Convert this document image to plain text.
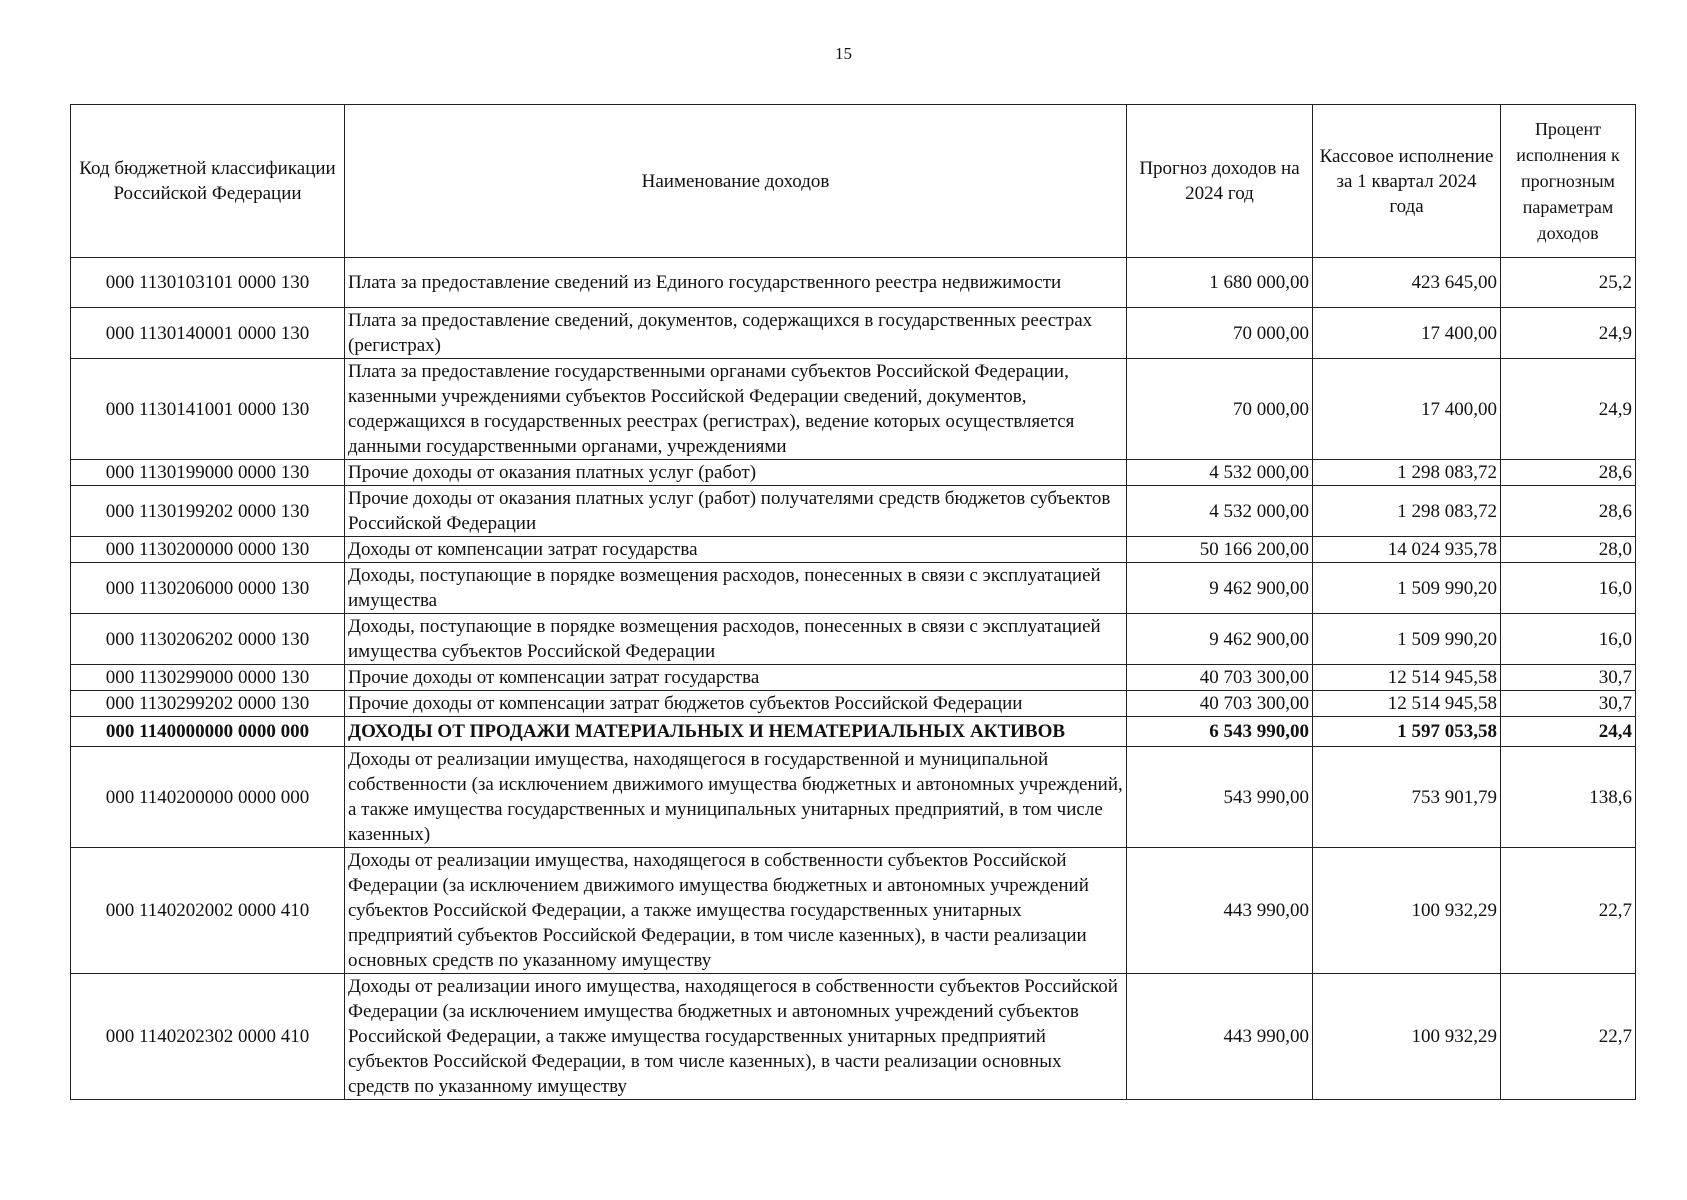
15
Код бюджетной классификации Российской Федерации	Наименование доходов	Прогноз доходов на 2024 год	Кассовое исполнение за 1 квартал 2024 года	Процент исполнения к прогнозным параметрам доходов
000 1130103101 0000 130	Плата за предоставление сведений из Единого государственного реестра недвижимости	1 680 000,00	423 645,00	25,2
000 1130140001 0000 130	Плата за предоставление сведений, документов, содержащихся в государственных реестрах (регистрах)	70 000,00	17 400,00	24,9
000 1130141001 0000 130	Плата за предоставление государственными органами субъектов Российской Федерации, казенными учреждениями субъектов Российской Федерации сведений, документов, содержащихся в государственных реестрах (регистрах), ведение которых осуществляется данными государственными органами, учреждениями	70 000,00	17 400,00	24,9
000 1130199000 0000 130	Прочие доходы от оказания платных услуг (работ)	4 532 000,00	1 298 083,72	28,6
000 1130199202 0000 130	Прочие доходы от оказания платных услуг (работ) получателями средств бюджетов субъектов Российской Федерации	4 532 000,00	1 298 083,72	28,6
000 1130200000 0000 130	Доходы от компенсации затрат государства	50 166 200,00	14 024 935,78	28,0
000 1130206000 0000 130	Доходы, поступающие в порядке возмещения расходов, понесенных в связи с эксплуатацией имущества	9 462 900,00	1 509 990,20	16,0
000 1130206202 0000 130	Доходы, поступающие в порядке возмещения расходов, понесенных в связи с эксплуатацией имущества субъектов Российской Федерации	9 462 900,00	1 509 990,20	16,0
000 1130299000 0000 130	Прочие доходы от компенсации затрат государства	40 703 300,00	12 514 945,58	30,7
000 1130299202 0000 130	Прочие доходы от компенсации затрат бюджетов субъектов Российской Федерации	40 703 300,00	12 514 945,58	30,7
000 1140000000 0000 000	ДОХОДЫ ОТ ПРОДАЖИ МАТЕРИАЛЬНЫХ И НЕМАТЕРИАЛЬНЫХ АКТИВОВ	6 543 990,00	1 597 053,58	24,4
000 1140200000 0000 000	Доходы от реализации имущества, находящегося в государственной и муниципальной собственности (за исключением движимого имущества бюджетных и автономных учреждений, а также имущества государственных и муниципальных унитарных предприятий, в том числе казенных)	543 990,00	753 901,79	138,6
000 1140202002 0000 410	Доходы от реализации имущества, находящегося в собственности субъектов Российской Федерации (за исключением движимого имущества бюджетных и автономных учреждений субъектов Российской Федерации, а также имущества государственных унитарных предприятий субъектов Российской Федерации, в том числе казенных), в части реализации основных средств по указанному имуществу	443 990,00	100 932,29	22,7
000 1140202302 0000 410	Доходы от реализации иного имущества, находящегося в собственности субъектов Российской Федерации (за исключением имущества бюджетных и автономных учреждений субъектов Российской Федерации, а также имущества государственных унитарных предприятий субъектов Российской Федерации, в том числе казенных), в части реализации основных средств по указанному имуществу	443 990,00	100 932,29	22,7
